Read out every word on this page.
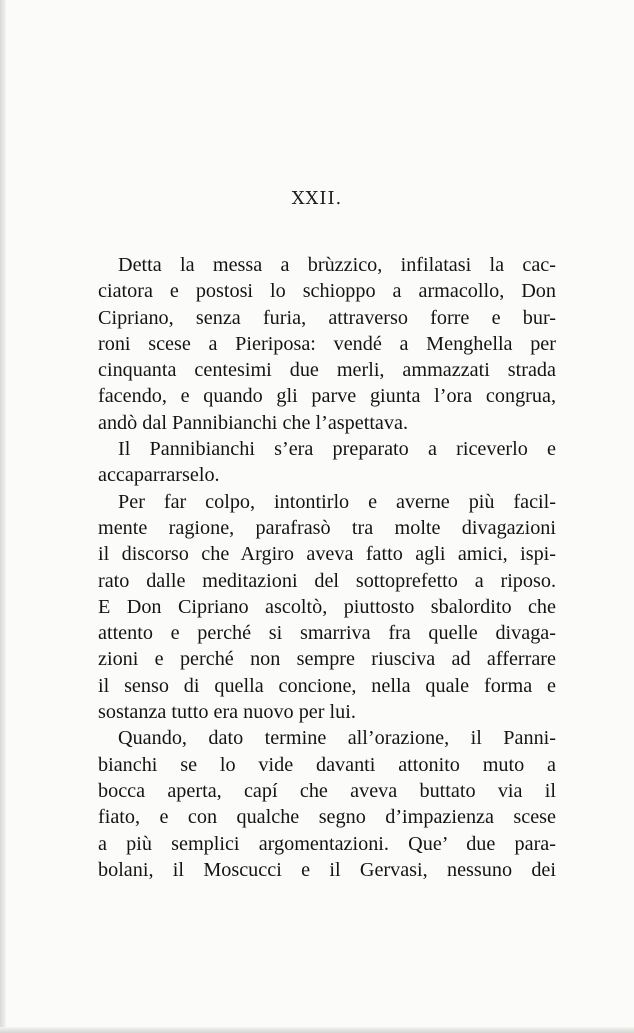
XXII.

Detta la messa a brùzzico, infilatasi la cac-
ciatora e postosi lo schioppo a armacollo, Don
Cipriano, senza furia, attraverso forre e bur-
roni scese a Pieriposa: vendé a Menghella per
cinquanta centesimi due merli, ammazzati strada
facendo, e quando gli parve giunta l’ora congrua,
andò dal Pannibianchi che l’aspettava.

Il Pannibianchi s’era preparato a riceverlo e
accaparrarselo.

Per far colpo, intontirlo e averne più facil-
mente ragione, parafrasò tra molte divagazioni
il discorso che Argiro aveva fatto agli amici, ispi-
rato dalle meditazioni del sottoprefetto a riposo.
E Don Cipriano ascoltò, piuttosto sbalordito che
attento e perché si smarriva fra quelle divaga-
zioni e perché non sempre riusciva ad afferrare
il senso di quella concione, nella quale forma e
sostanza tutto era nuovo per lui.

Quando, dato termine all’orazione, il Panni-
bianchi se lo vide davanti attonito muto a
bocca aperta, capí che aveva buttato via il
fiato, e con qualche segno d’impazienza scese
a più semplici argomentazioni. Que’ due para-
bolani, il Moscucci e il Gervasi, nessuno dei
